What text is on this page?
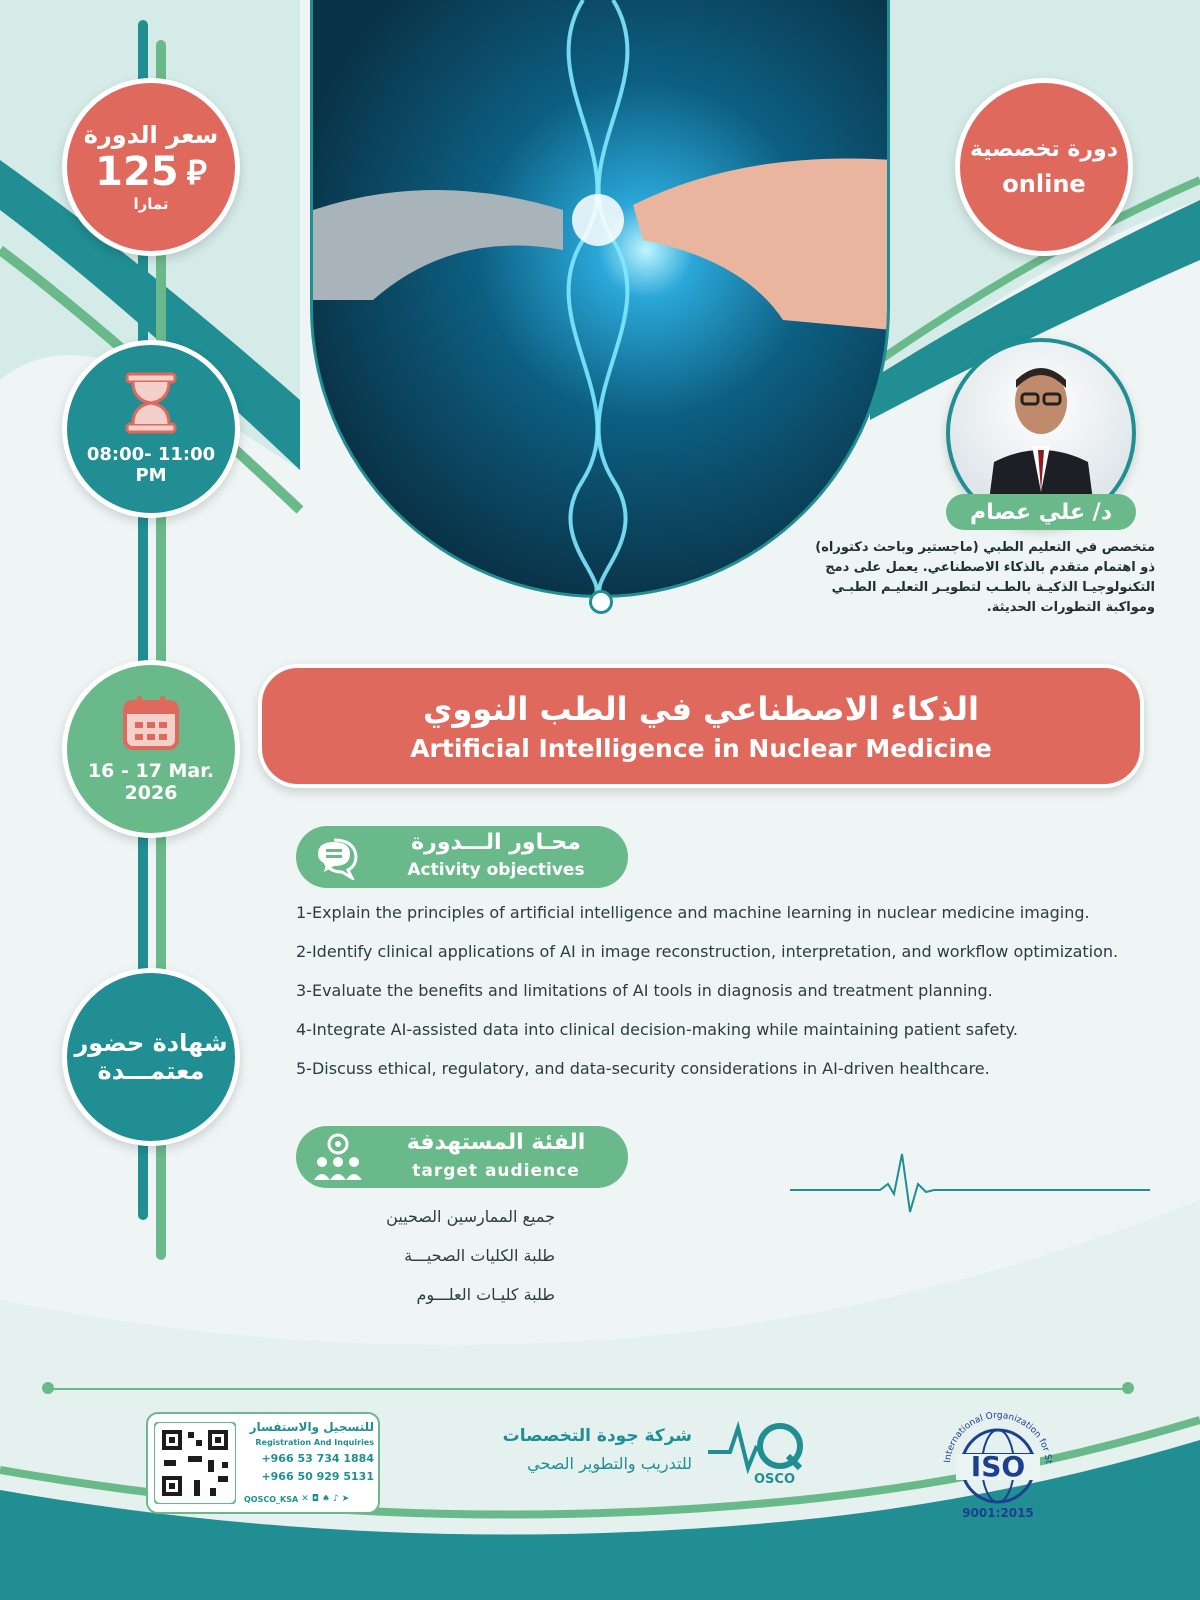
سعر الدورة
125 ⃁
تمارا
08:00- 11:00 PM
16 - 17 Mar.
2026
شهادة حضور
معتمـــدة
دورة تخصصية
online
د/ علي عصام
متخصص في التعليم الطبي (ماجستير وباحث دكتوراه)
ذو اهتمام متقدم بالذكاء الاصطناعي. يعمل على دمج
التكنولوجيـا الذكيـة بالطـب لتطويـر التعليـم الطبـي
ومواكبة التطورات الحديثة.
الذكاء الاصطناعي في الطب النووي
Artificial Intelligence in Nuclear Medicine
محـاور الـــدورة
Activity objectives
1-Explain the principles of artificial intelligence and machine learning in nuclear medicine imaging.
2-Identify clinical applications of AI in image reconstruction, interpretation, and workflow optimization.
3-Evaluate the benefits and limitations of AI tools in diagnosis and treatment planning.
4-Integrate AI-assisted data into clinical decision-making while maintaining patient safety.
5-Discuss ethical, regulatory, and data-security considerations in AI-driven healthcare.
الفئة المستهدفة
target audience
جميع الممارسين الصحيين
طلبة الكليات الصحيـــة
طلبة كليـات العلـــوم
للتسجيل والاستفسار
Registration And Inquiries
+966 53 734 1884
+966 50 929 5131
QOSCO_KSA ✕ ◘ ♠ ♪ ➤
شركة جودة التخصصات
للتدريب والتطوير الصحي
OSCO
International Organization for St
ISO
9001:2015
